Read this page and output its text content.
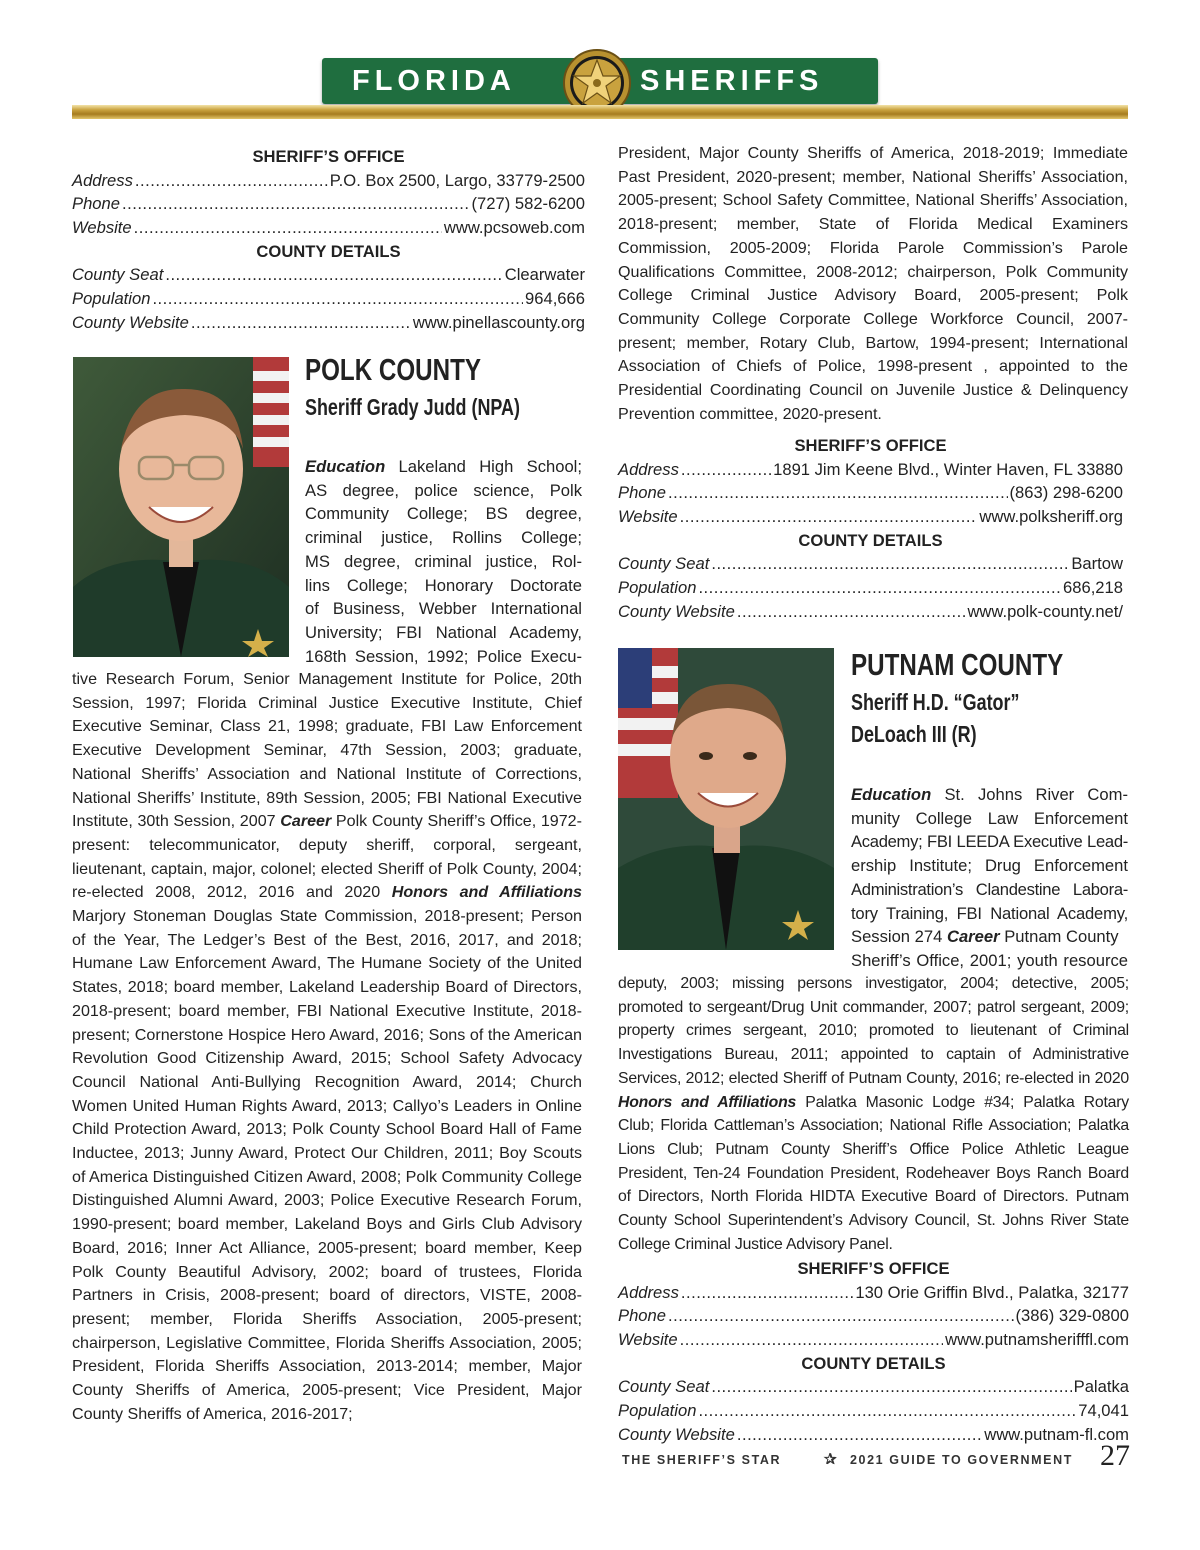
FLORIDA	SHERIFFS
SHERIFF’S OFFICE
Address .....	P.O. Box 2500, Largo, 33779-2500
Phone .....	(727) 582-6200
Website .....	www.pcsoweb.com
COUNTY DETAILS
County Seat .....	Clearwater
Population .....	964,666
County Website .....	www.pinellascounty.org
POLK COUNTY
Sheriff Grady Judd (NPA)
Education Lakeland High School;
AS degree, police science, Polk
Community College; BS degree,
criminal justice, Rollins College;
MS degree, criminal justice, Rol-
lins College; Honorary Doctorate
of Business, Webber International
University; FBI National Academy,
168th Session, 1992; Police Execu-
tive Research Forum, Senior Management Institute for Police, 20th Session, 1997; Florida Criminal Justice Executive Institute, Chief Executive Seminar, Class 21, 1998; graduate, FBI Law Enforcement Executive Development Seminar, 47th Session, 2003; graduate, National Sheriffs’ Association and National Institute of Corrections, National Sheriffs’ Institute, 89th Session, 2005; FBI National Executive Institute, 30th Session, 2007 Career Polk County Sheriff’s Office, 1972-present: telecommunicator, deputy sheriff, corporal, sergeant, lieutenant, captain, major, colonel; elected Sheriff of Polk County, 2004; re-elected 2008, 2012, 2016 and 2020 Honors and Affiliations Marjory Stoneman Douglas State Commission, 2018-present; Person of the Year, The Ledger’s Best of the Best, 2016, 2017, and 2018; Humane Law Enforcement Award, The Humane Society of the United States, 2018; board member, Lakeland Leadership Board of Directors, 2018-present; board member, FBI National Executive Institute, 2018-present; Cornerstone Hospice Hero Award, 2016; Sons of the American Revolution Good Citizenship Award, 2015; School Safety Advocacy Council National Anti-Bullying Recognition Award, 2014; Church Women United Human Rights Award, 2013; Callyo’s Leaders in Online Child Protection Award, 2013; Polk County School Board Hall of Fame Inductee, 2013; Junny Award, Protect Our Children, 2011; Boy Scouts of America Distinguished Citizen Award, 2008; Polk Community College Distinguished Alumni Award, 2003; Police Executive Research Forum, 1990-present; board member, Lakeland Boys and Girls Club Advisory Board, 2016; Inner Act Alliance, 2005-present; board member, Keep Polk County Beautiful Advisory, 2002; board of trustees, Florida Partners in Crisis, 2008-present; board of directors, VISTE, 2008-present; member, Florida Sheriffs Association, 2005-present; chairperson, Legislative Committee, Florida Sheriffs Association, 2005; President, Florida Sheriffs Association, 2013-2014; member, Major County Sheriffs of America, 2005-present; Vice President, Major County Sheriffs of America, 2016-2017;
President, Major County Sheriffs of America, 2018-2019; Immediate Past President, 2020-present; member, National Sheriffs’ Association, 2005-present; School Safety Committee, National Sheriffs’ Association, 2018-present; member, State of Florida Medical Examiners Commission, 2005-2009; Florida Parole Commission’s Parole Qualifications Committee, 2008-2012; chairperson, Polk Community College Criminal Justice Advisory Board, 2005-present; Polk Community College Corporate College Workforce Council, 2007-present; member, Rotary Club, Bartow, 1994-present; International Association of Chiefs of Police, 1998-present , appointed to the Presidential Coordinating Council on Juvenile Justice & Delinquency Prevention committee, 2020-present.
SHERIFF’S OFFICE
Address .....	1891 Jim Keene Blvd., Winter Haven, FL 33880
Phone .....	(863) 298-6200
Website .....	www.polksheriff.org
COUNTY DETAILS
County Seat .....	Bartow
Population .....	686,218
County Website .....	www.polk-county.net/
PUTNAM COUNTY
Sheriff H.D. “Gator”
DeLoach III (R)
Education St. Johns River Com-
munity College Law Enforcement
Academy; FBI LEEDA Executive Lead-
ership Institute; Drug Enforcement
Administration’s Clandestine Labora-
tory Training, FBI National Academy,
Session 274 Career Putnam County
Sheriff’s Office, 2001; youth resource
deputy, 2003; missing persons investigator, 2004; detective, 2005; promoted to sergeant/Drug Unit commander, 2007; patrol sergeant, 2009; property crimes sergeant, 2010; promoted to lieutenant of Criminal Investigations Bureau, 2011; appointed to captain of Administrative Services, 2012; elected Sheriff of Putnam County, 2016; re-elected in 2020 Honors and Affiliations Palatka Masonic Lodge #34; Palatka Rotary Club; Florida Cattleman’s Association; National Rifle Association; Palatka Lions Club; Putnam County Sheriff’s Office Police Athletic League President, Ten-24 Foundation President, Rodeheaver Boys Ranch Board of Directors, North Florida HIDTA Executive Board of Directors. Putnam County School Superintendent’s Advisory Council, St. Johns River State College Criminal Justice Advisory Panel.
SHERIFF’S OFFICE
Address .....	130 Orie Griffin Blvd., Palatka, 32177
Phone .....	(386) 329-0800
Website .....	www.putnamsherifffl.com
COUNTY DETAILS
County Seat .....	Palatka
Population .....	74,041
County Website .....	www.putnam-fl.com
THE SHERIFF’S STAR	✰ 2021 GUIDE TO GOVERNMENT 27
